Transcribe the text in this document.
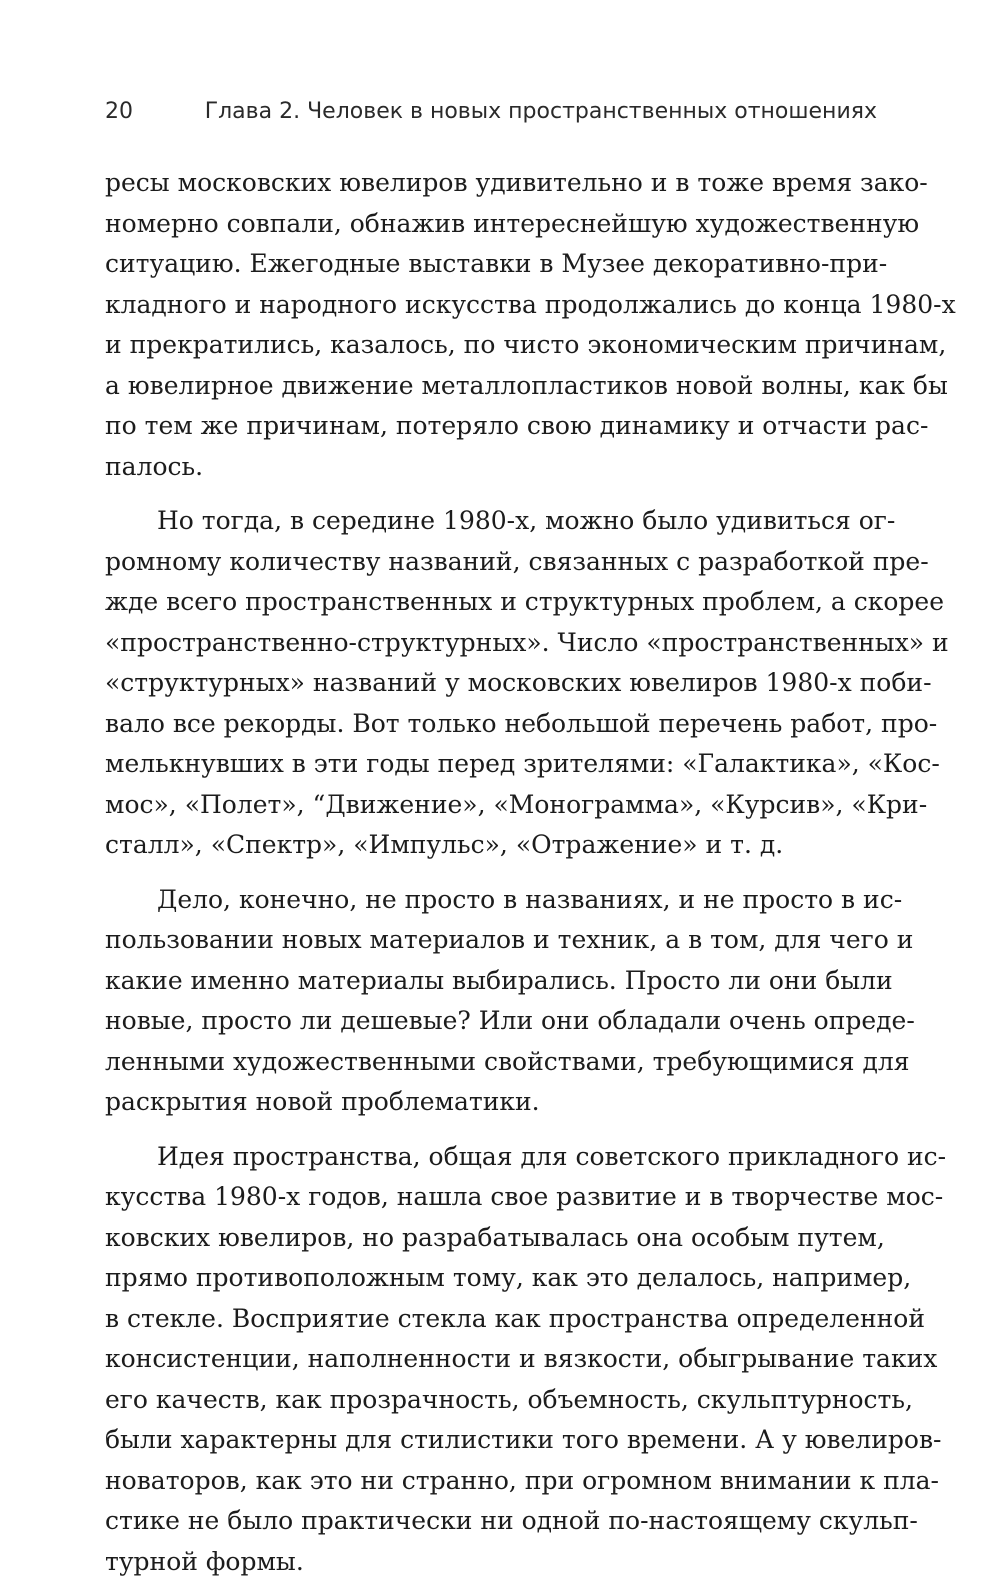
20	Глава 2. Человек в новых пространственных отношениях
ресы московских ювелиров удивительно и в тоже время зако-
номерно совпали, обнажив интереснейшую художественную
ситуацию. Ежегодные выставки в Музее декоративно-при-
кладного и народного искусства продолжались до конца 1980-х
и прекратились, казалось, по чисто экономическим причинам,
а ювелирное движение металлопластиков новой волны, как бы
по тем же причинам, потеряло свою динамику и отчасти рас-
палось.
Но тогда, в середине 1980-х, можно было удивиться ог-
ромному количеству названий, связанных с разработкой пре-
жде всего пространственных и структурных проблем, а скорее
«пространственно-структурных». Число «пространственных» и
«структурных» названий у московских ювелиров 1980-х поби-
вало все рекорды. Вот только небольшой перечень работ, про-
мелькнувших в эти годы перед зрителями: «Галактика», «Кос-
мос», «Полет», “Движение», «Монограмма», «Курсив», «Кри-
сталл», «Спектр», «Импульс», «Отражение» и т. д.
Дело, конечно, не просто в названиях, и не просто в ис-
пользовании новых материалов и техник, а в том, для чего и
какие именно материалы выбирались. Просто ли они были
новые, просто ли дешевые? Или они обладали очень опреде-
ленными художественными свойствами, требующимися для
раскрытия новой проблематики.
Идея пространства, общая для советского прикладного ис-
кусства 1980-х годов, нашла свое развитие и в творчестве мос-
ковских ювелиров, но разрабатывалась она особым путем,
прямо противоположным тому, как это делалось, например,
в стекле. Восприятие стекла как пространства определенной
консистенции, наполненности и вязкости, обыгрывание таких
его качеств, как прозрачность, объемность, скульптурность,
были характерны для стилистики того времени. А у ювелиров-
новаторов, как это ни странно, при огромном внимании к пла-
стике не было практически ни одной по-настоящему скульп-
турной формы.
